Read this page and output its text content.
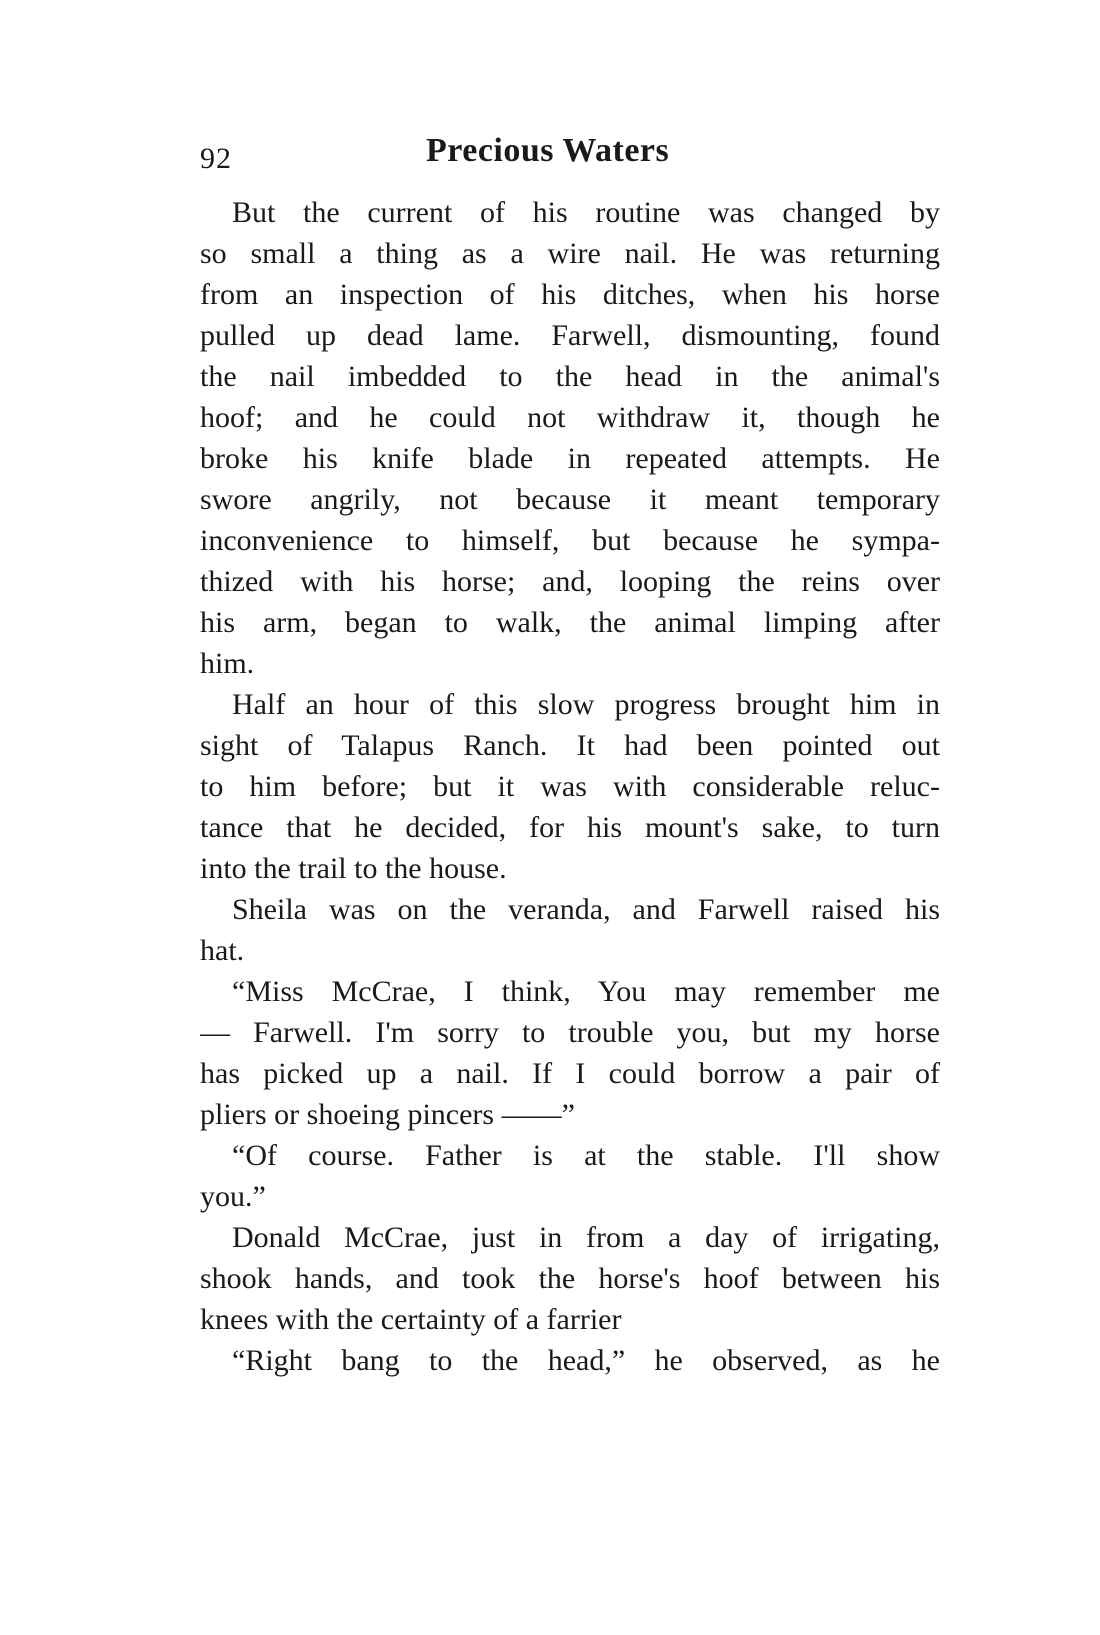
92	Precious Waters
But the current of his routine was changed by
so small a thing as a wire nail. He was returning
from an inspection of his ditches, when his horse
pulled up dead lame. Farwell, dismounting, found
the nail imbedded to the head in the animal's
hoof; and he could not withdraw it, though he
broke his knife blade in repeated attempts. He
swore angrily, not because it meant temporary
inconvenience to himself, but because he sympa-
thized with his horse; and, looping the reins over
his arm, began to walk, the animal limping after
him.
Half an hour of this slow progress brought him in
sight of Talapus Ranch. It had been pointed out
to him before; but it was with considerable reluc-
tance that he decided, for his mount's sake, to turn
into the trail to the house.
Sheila was on the veranda, and Farwell raised his
hat.
“Miss McCrae, I think, You may remember me
— Farwell. I'm sorry to trouble you, but my horse
has picked up a nail. If I could borrow a pair of
pliers or shoeing pincers ——”
“Of course. Father is at the stable. I'll show
you.”
Donald McCrae, just in from a day of irrigating,
shook hands, and took the horse's hoof between his
knees with the certainty of a farrier
“Right bang to the head,” he observed, as he
